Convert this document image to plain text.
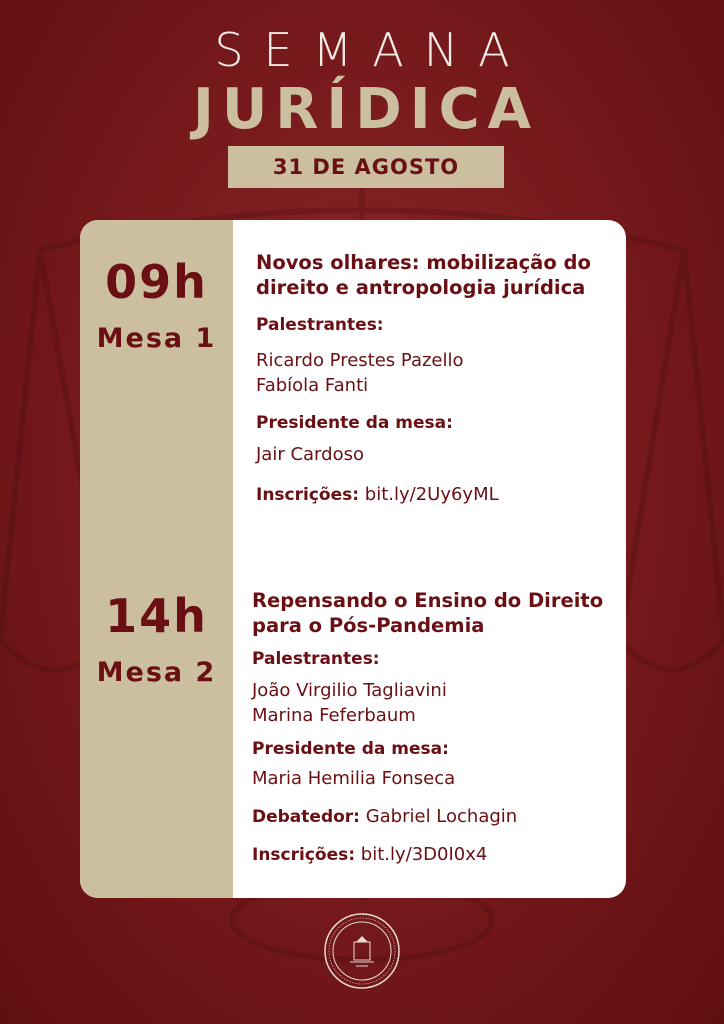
SEMANA
JURÍDICA
31 DE AGOSTO
09h
Mesa 1

Novos olhares: mobilização do direito e antropologia jurídica

Palestrantes:

Ricardo Prestes Pazello

Fabíola Fanti

Presidente da mesa:

Jair Cardoso

Inscrições: bit.ly/2Uy6yML

14h
Mesa 2

Repensando o Ensino do Direito para o Pós-Pandemia

Palestrantes:

João Virgilio Tagliavini

Marina Feferbaum

Presidente da mesa:

Maria Hemilia Fonseca

Debatedor: Gabriel Lochagin

Inscrições: bit.ly/3D0I0x4
